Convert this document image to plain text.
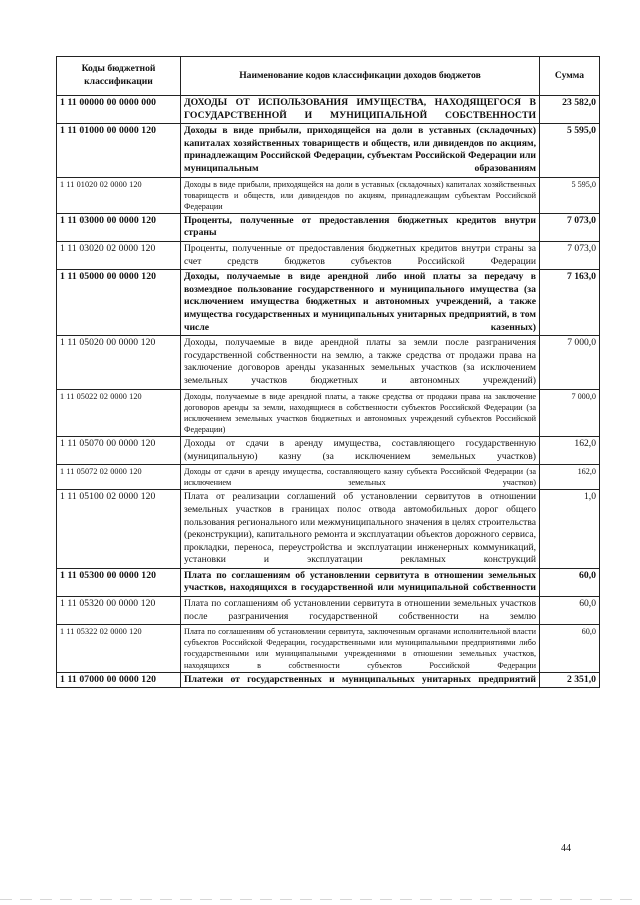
Коды бюджетной классификации	Наименование кодов классификации доходов бюджетов	Сумма
1 11 00000 00 0000 000	ДОХОДЫ ОТ ИСПОЛЬЗОВАНИЯ ИМУЩЕСТВА, НАХОДЯЩЕГОСЯ В ГОСУДАРСТВЕННОЙ И МУНИЦИПАЛЬНОЙ СОБСТВЕННОСТИ	23 582,0
1 11 01000 00 0000 120	Доходы в виде прибыли, приходящейся на доли в уставных (складочных) капиталах хозяйственных товариществ и обществ, или дивидендов по акциям, принадлежащим Российской Федерации, субъектам Российской Федерации или муниципальным образованиям	5 595,0
1 11 01020 02 0000 120	Доходы в виде прибыли, приходящейся на доли в уставных (складочных) капиталах хозяйственных товариществ и обществ, или дивидендов по акциям, принадлежащим субъектам Российской Федерации	5 595,0
1 11 03000 00 0000 120	Проценты, полученные от предоставления бюджетных кредитов внутри страны	7 073,0
1 11 03020 02 0000 120	Проценты, полученные от предоставления бюджетных кредитов внутри страны за счет средств бюджетов субъектов Российской Федерации	7 073,0
1 11 05000 00 0000 120	Доходы, получаемые в виде арендной либо иной платы за передачу в возмездное пользование государственного и муниципального имущества (за исключением имущества бюджетных и автономных учреждений, а также имущества государственных и муниципальных унитарных предприятий, в том числе казенных)	7 163,0
1 11 05020 00 0000 120	Доходы, получаемые в виде арендной платы за земли после разграничения государственной собственности на землю, а также средства от продажи права на заключение договоров аренды указанных земельных участков (за исключением земельных участков бюджетных и автономных учреждений)	7 000,0
1 11 05022 02 0000 120	Доходы, получаемые в виде арендной платы, а также средства от продажи права на заключение договоров аренды за земли, находящиеся в собственности субъектов Российской Федерации (за исключением земельных участков бюджетных и автономных учреждений субъектов Российской Федерации)	7 000,0
1 11 05070 00 0000 120	Доходы от сдачи в аренду имущества, составляющего государственную (муниципальную) казну (за исключением земельных участков)	162,0
1 11 05072 02 0000 120	Доходы от сдачи в аренду имущества, составляющего казну субъекта Российской Федерации (за исключением земельных участков)	162,0
1 11 05100 02 0000 120	Плата от реализации соглашений об установлении сервитутов в отношении земельных участков в границах полос отвода автомобильных дорог общего пользования регионального или межмуниципального значения в целях строительства (реконструкции), капитального ремонта и эксплуатации объектов дорожного сервиса, прокладки, переноса, переустройства и эксплуатации инженерных коммуникаций, установки и эксплуатации рекламных конструкций	1,0
1 11 05300 00 0000 120	Плата по соглашениям об установлении сервитута в отношении земельных участков, находящихся в государственной или муниципальной собственности	60,0
1 11 05320 00 0000 120	Плата по соглашениям об установлении сервитута в отношении земельных участков после разграничения государственной собственности на землю	60,0
1 11 05322 02 0000 120	Плата по соглашениям об установлении сервитута, заключенным органами исполнительной власти субъектов Российской Федерации, государственными или муниципальными предприятиями либо государственными или муниципальными учреждениями в отношении земельных участков, находящихся в собственности субъектов Российской Федерации	60,0
1 11 07000 00 0000 120	Платежи от государственных и муниципальных унитарных предприятий	2 351,0
44
